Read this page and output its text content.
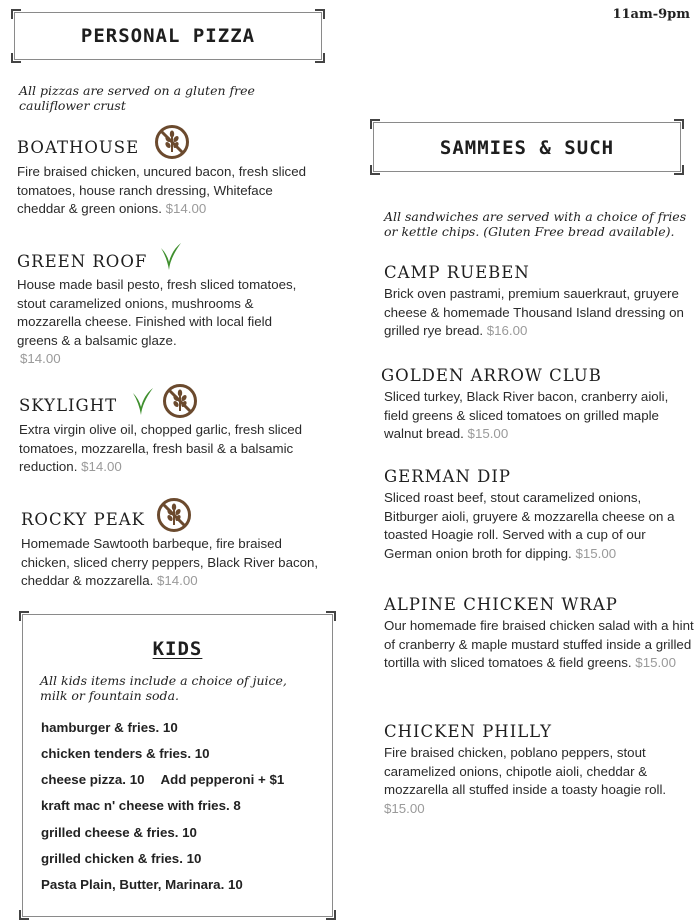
11am-9pm
PERSONAL PIZZA
All pizzas are served on a gluten free cauliflower crust
BOATHOUSE
Fire braised chicken, uncured bacon, fresh sliced tomatoes, house ranch dressing, Whiteface cheddar & green onions. $14.00
GREEN ROOF
House made basil pesto, fresh sliced tomatoes, stout caramelized onions, mushrooms & mozzarella cheese. Finished with local field greens & a balsamic glaze.
$14.00
SKYLIGHT
Extra virgin olive oil, chopped garlic, fresh sliced tomatoes, mozzarella, fresh basil & a balsamic reduction. $14.00
ROCKY PEAK
Homemade Sawtooth barbeque, fire braised chicken, sliced cherry peppers, Black River bacon, cheddar & mozzarella. $14.00
KIDS
All kids items include a choice of juice, milk or fountain soda.
hamburger & fries. 10
chicken tenders & fries. 10
cheese pizza. 10 Add pepperoni + $1
kraft mac n' cheese with fries. 8
grilled cheese & fries. 10
grilled chicken & fries. 10
Pasta Plain, Butter, Marinara. 10
SAMMIES & SUCH
All sandwiches are served with a choice of fries or kettle chips. (Gluten Free bread available).
CAMP RUEBEN
Brick oven pastrami, premium sauerkraut, gruyere cheese & homemade Thousand Island dressing on grilled rye bread. $16.00
GOLDEN ARROW CLUB
Sliced turkey, Black River bacon, cranberry aioli, field greens & sliced tomatoes on grilled maple walnut bread. $15.00
GERMAN DIP
Sliced roast beef, stout caramelized onions, Bitburger aioli, gruyere & mozzarella cheese on a toasted Hoagie roll. Served with a cup of our German onion broth for dipping. $15.00
ALPINE CHICKEN WRAP
Our homemade fire braised chicken salad with a hint of cranberry & maple mustard stuffed inside a grilled tortilla with sliced tomatoes & field greens. $15.00
CHICKEN PHILLY
Fire braised chicken, poblano peppers, stout caramelized onions, chipotle aioli, cheddar & mozzarella all stuffed inside a toasty hoagie roll. $15.00
